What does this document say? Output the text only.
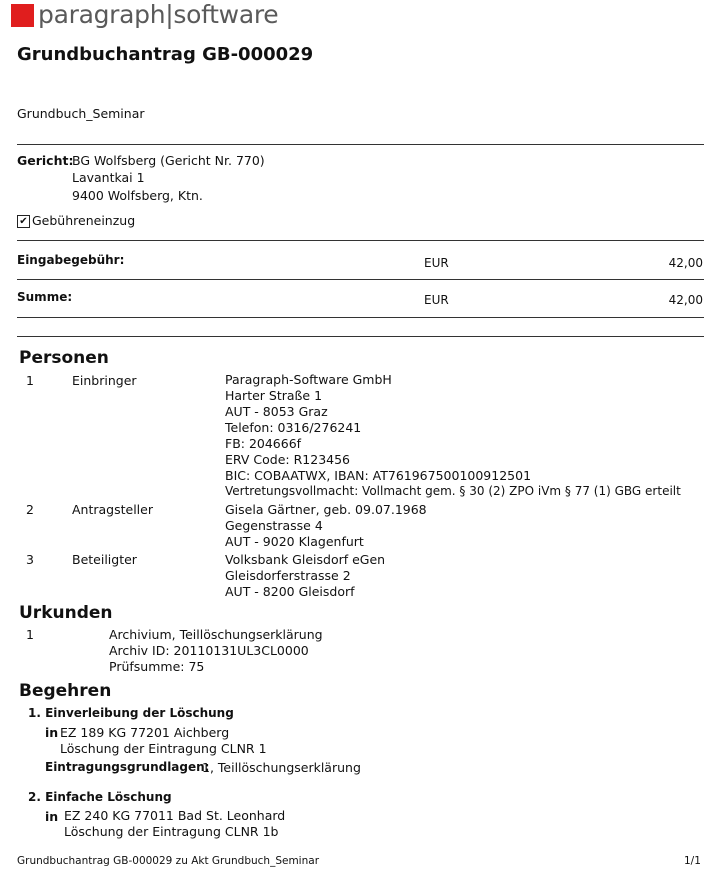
paragraph|software
Grundbuchantrag GB-000029
Grundbuch_Seminar
Gericht:
BG Wolfsberg (Gericht Nr. 770)
Lavantkai 1
9400 Wolfsberg, Ktn.
✔ Gebühreneinzug
Eingabegebühr:	EUR	42,00
Summe:	EUR	42,00
Personen
1	Einbringer	Paragraph-Software GmbH
Harter Straße 1
AUT - 8053 Graz
Telefon: 0316/276241
FB: 204666f
ERV Code: R123456
BIC: COBAATWX, IBAN: AT761967500100912501
Vertretungsvollmacht: Vollmacht gem. § 30 (2) ZPO iVm § 77 (1) GBG erteilt
2	Antragsteller	Gisela Gärtner, geb. 09.07.1968
Gegenstrasse 4
AUT - 9020 Klagenfurt
3	Beteiligter	Volksbank Gleisdorf eGen
Gleisdorferstrasse 2
AUT - 8200 Gleisdorf
Urkunden
1	Archivium, Teillöschungserklärung
Archiv ID: 20110131UL3CL0000
Prüfsumme: 75
Begehren
1. Einverleibung der Löschung
in EZ 189 KG 77201 Aichberg
Löschung der Eintragung CLNR 1
Eintragungsgrundlagen:
1, Teillöschungserklärung
2. Einfache Löschung
in EZ 240 KG 77011 Bad St. Leonhard
Löschung der Eintragung CLNR 1b
Grundbuchantrag GB-000029 zu Akt Grundbuch_Seminar	1/1
